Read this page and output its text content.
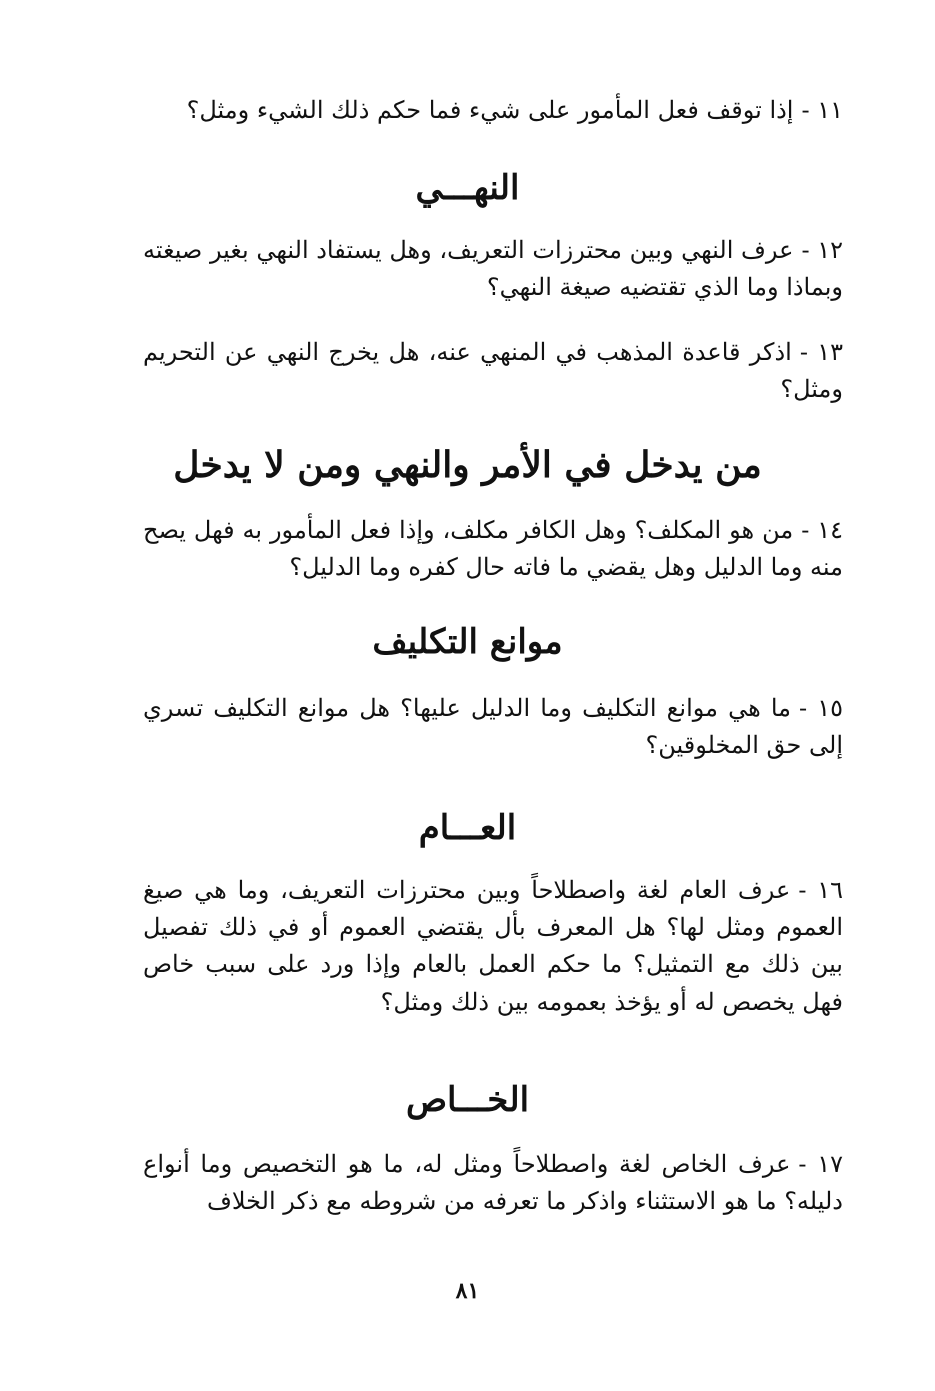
١١ -إذا توقف فعل المأمور على شيء فما حكم ذلك الشيء ومثل؟
النهـــي
١٢ -عرف النهي وبين محترزات التعريف، وهل يستفاد النهي بغير صيغته وبماذا وما الذي تقتضيه صيغة النهي؟
١٣ -اذكر قاعدة المذهب في المنهي عنه، هل يخرج النهي عن التحريم ومثل؟
من يدخل في الأمر والنهي ومن لا يدخل
١٤ -من هو المكلف؟ وهل الكافر مكلف، وإذا فعل المأمور به فهل يصح منه وما الدليل وهل يقضي ما فاته حال كفره وما الدليل؟
موانع التكليف
١٥ -ما هي موانع التكليف وما الدليل عليها؟ هل موانع التكليف تسري إلى حق المخلوقين؟
العـــام
١٦ -عرف العام لغة واصطلاحاً وبين محترزات التعريف، وما هي صيغ العموم ومثل لها؟ هل المعرف بأل يقتضي العموم أو في ذلك تفصيل بين ذلك مع التمثيل؟ ما حكم العمل بالعام وإذا ورد على سبب خاص فهل يخصص له أو يؤخذ بعمومه بين ذلك ومثل؟
الخـــاص
١٧ -عرف الخاص لغة واصطلاحاً ومثل له، ما هو التخصيص وما أنواع دليله؟ ما هو الاستثناء واذكر ما تعرفه من شروطه مع ذكر الخلاف
٨١
